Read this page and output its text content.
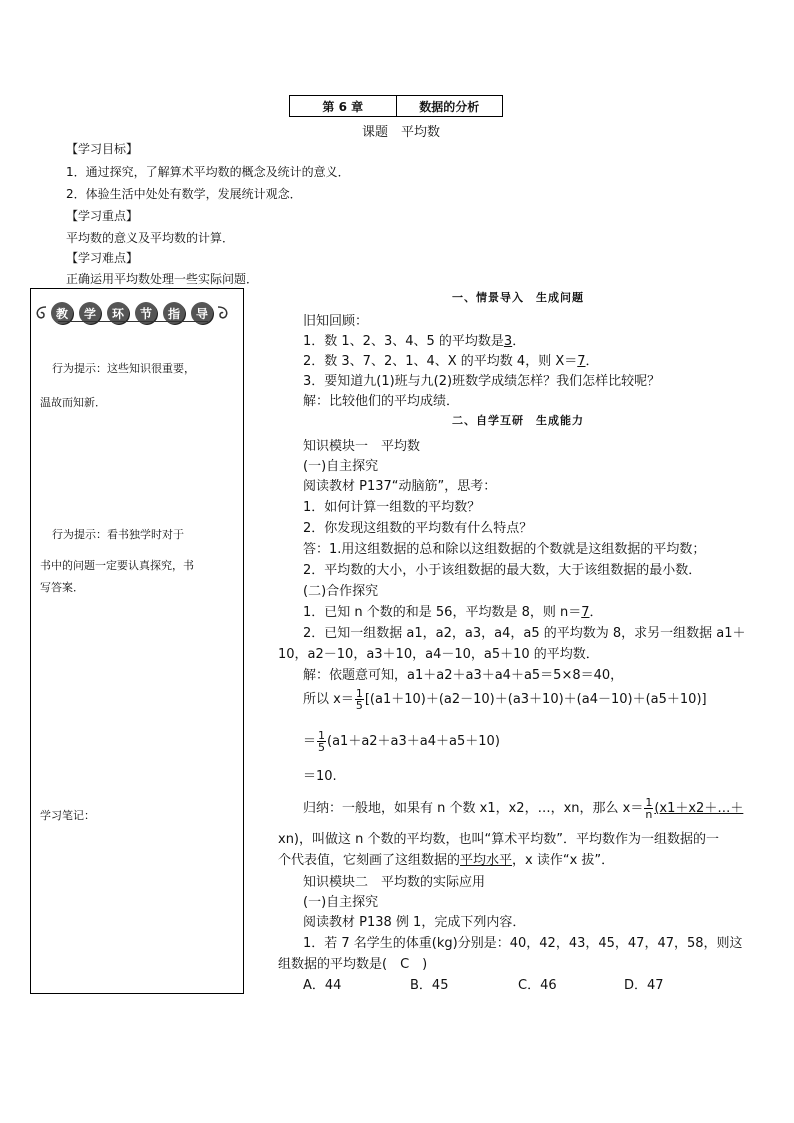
第 6 章	数据的分析
课题　平均数
【学习目标】
1．通过探究，了解算术平均数的概念及统计的意义．
2．体验生活中处处有数学，发展统计观念．
【学习重点】
平均数的意义及平均数的计算．
【学习难点】
正确运用平均数处理一些实际问题．
教	学	环	节	指	导
行为提示：这些知识很重要，
温故而知新．
行为提示：看书独学时对于
书中的问题一定要认真探究，书
写答案．
学习笔记：
一、情景导入　生成问题
旧知回顾：
1．数 1、2、3、4、5 的平均数是3．
2．数 3、7、2、1、4、X 的平均数 4，则 X＝7．
3．要知道九(1)班与九(2)班数学成绩怎样？我们怎样比较呢？
解：比较他们的平均成绩．
二、自学互研　生成能力
知识模块一　平均数
(一)自主探究
阅读教材 P137“动脑筋”，思考：
1．如何计算一组数的平均数？
2．你发现这组数的平均数有什么特点？
答：1.用这组数据的总和除以这组数据的个数就是这组数据的平均数；
2．平均数的大小，小于该组数据的最大数，大于该组数据的最小数．
(二)合作探究
1．已知 n 个数的和是 56，平均数是 8，则 n＝7．
2．已知一组数据 a1，a2，a3，a4，a5 的平均数为 8，求另一组数据 a1＋
10，a2－10，a3＋10，a4－10，a5＋10 的平均数．
解：依题意可知，a1＋a2＋a3＋a4＋a5＝5×8＝40，
所以 $x= \frac{1}{5} [(a1+10)+(a2-10)+(a3+10)+(a4-10)+(a5+10)]$
＝ $\frac{1}{5} (a1+a2+a3+a4+a5+10)$
＝10.
归纳：一般地，如果有 n 个数 x1，x2，…，xn，那么 $x= \frac{1}{n}$ (x1＋x2＋…＋
xn)，叫做这 n 个数的平均数，也叫“算术平均数”．平均数作为一组数据的一
个代表值，它刻画了这组数据的平均水平，x 读作“x 拔”．
知识模块二　平均数的实际应用
(一)自主探究
阅读教材 P138 例 1，完成下列内容．
1．若 7 名学生的体重(kg)分别是：40，42，43，45，47，47，58，则这
组数据的平均数是(　C　)
A．44	B．45	C．46	D．47
